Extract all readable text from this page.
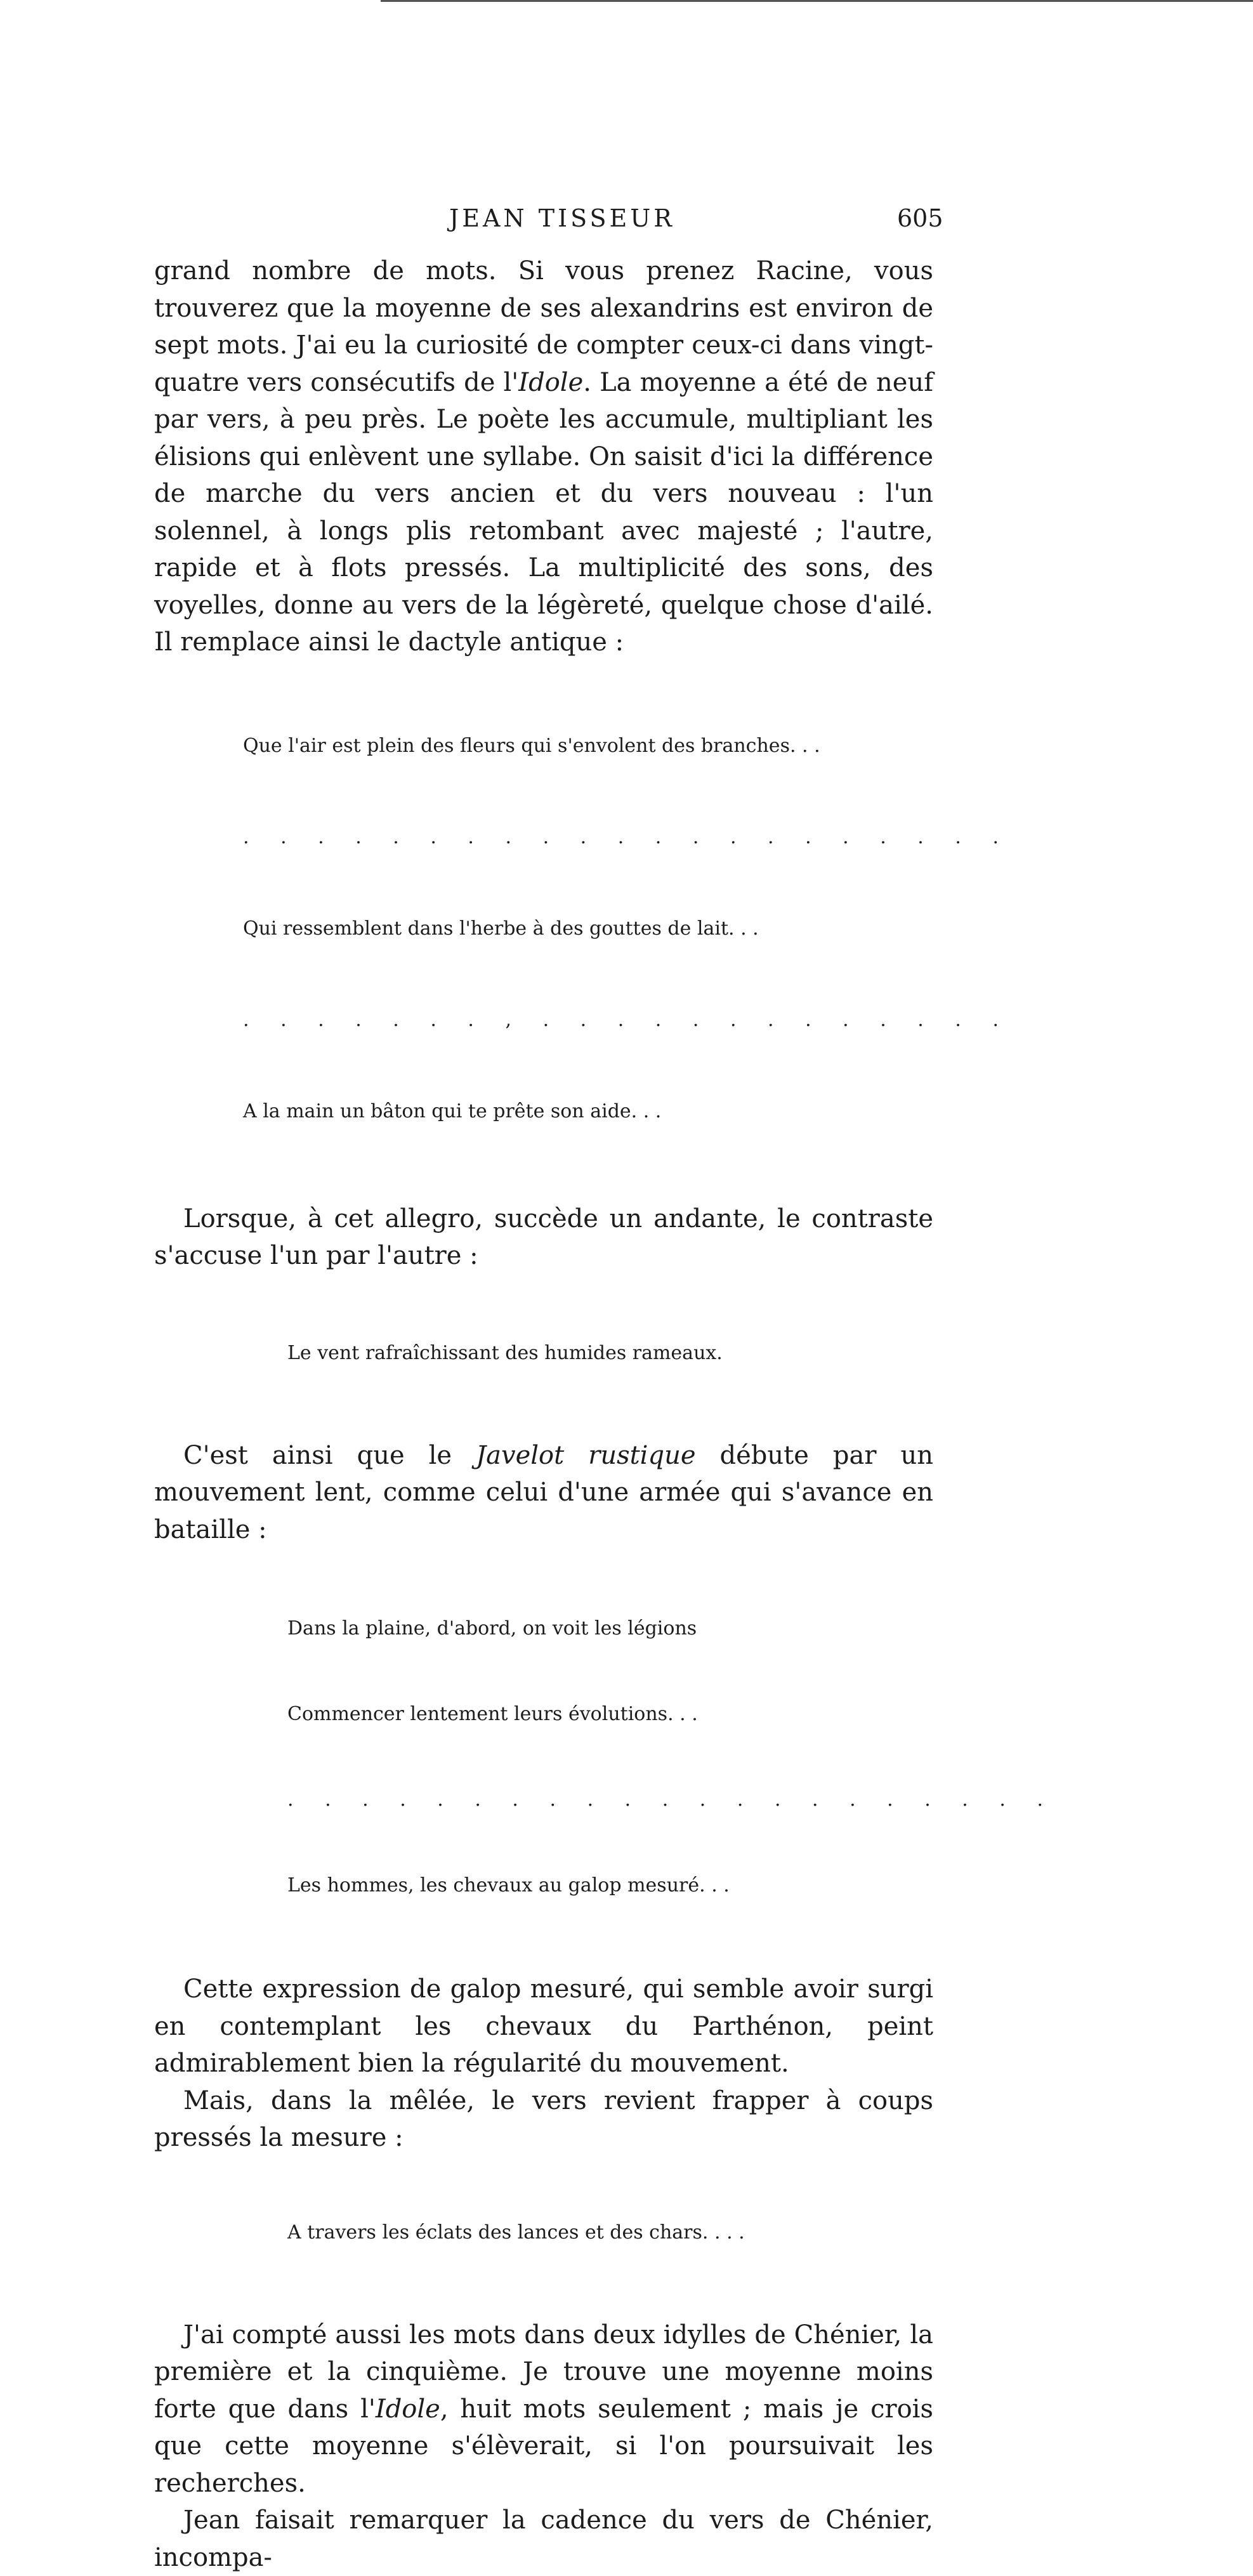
JEAN TISSEUR	605

grand nombre de mots. Si vous prenez Racine, vous trouverez que la moyenne de ses alexandrins est environ de sept mots. J'ai eu la curiosité de compter ceux-ci dans vingt-quatre vers consécutifs de l'Idole. La moyenne a été de neuf par vers, à peu près. Le poète les accumule, multipliant les élisions qui enlèvent une syllabe. On saisit d'ici la différence de marche du vers ancien et du vers nouveau : l'un solennel, à longs plis retombant avec majesté ; l'autre, rapide et à flots pressés. La multiplicité des sons, des voyelles, donne au vers de la légèreté, quelque chose d'ailé. Il remplace ainsi le dactyle antique :

Que l'air est plein des fleurs qui s'envolent des branches. . .

. . . . . . . . . . . . . . . . . . . . .

Qui ressemblent dans l'herbe à des gouttes de lait. . .

. . . . . . . , . . . . . . . . . . . . .

A la main un bâton qui te prête son aide. . .

Lorsque, à cet allegro, succède un andante, le contraste s'accuse l'un par l'autre :

Le vent rafraîchissant des humides rameaux.

C'est ainsi que le Javelot rustique débute par un mouvement lent, comme celui d'une armée qui s'avance en bataille :

Dans la plaine, d'abord, on voit les légions

Commencer lentement leurs évolutions. . .

. . . . . . . . . . . . . . . . . . . . .

Les hommes, les chevaux au galop mesuré. . .

Cette expression de galop mesuré, qui semble avoir surgi en contemplant les chevaux du Parthénon, peint admirablement bien la régularité du mouvement.

Mais, dans la mêlée, le vers revient frapper à coups pressés la mesure :

A travers les éclats des lances et des chars. . . .

J'ai compté aussi les mots dans deux idylles de Chénier, la première et la cinquième. Je trouve une moyenne moins forte que dans l'Idole, huit mots seulement ; mais je crois que cette moyenne s'élèverait, si l'on poursuivait les recherches.

Jean faisait remarquer la cadence du vers de Chénier, incompa-
